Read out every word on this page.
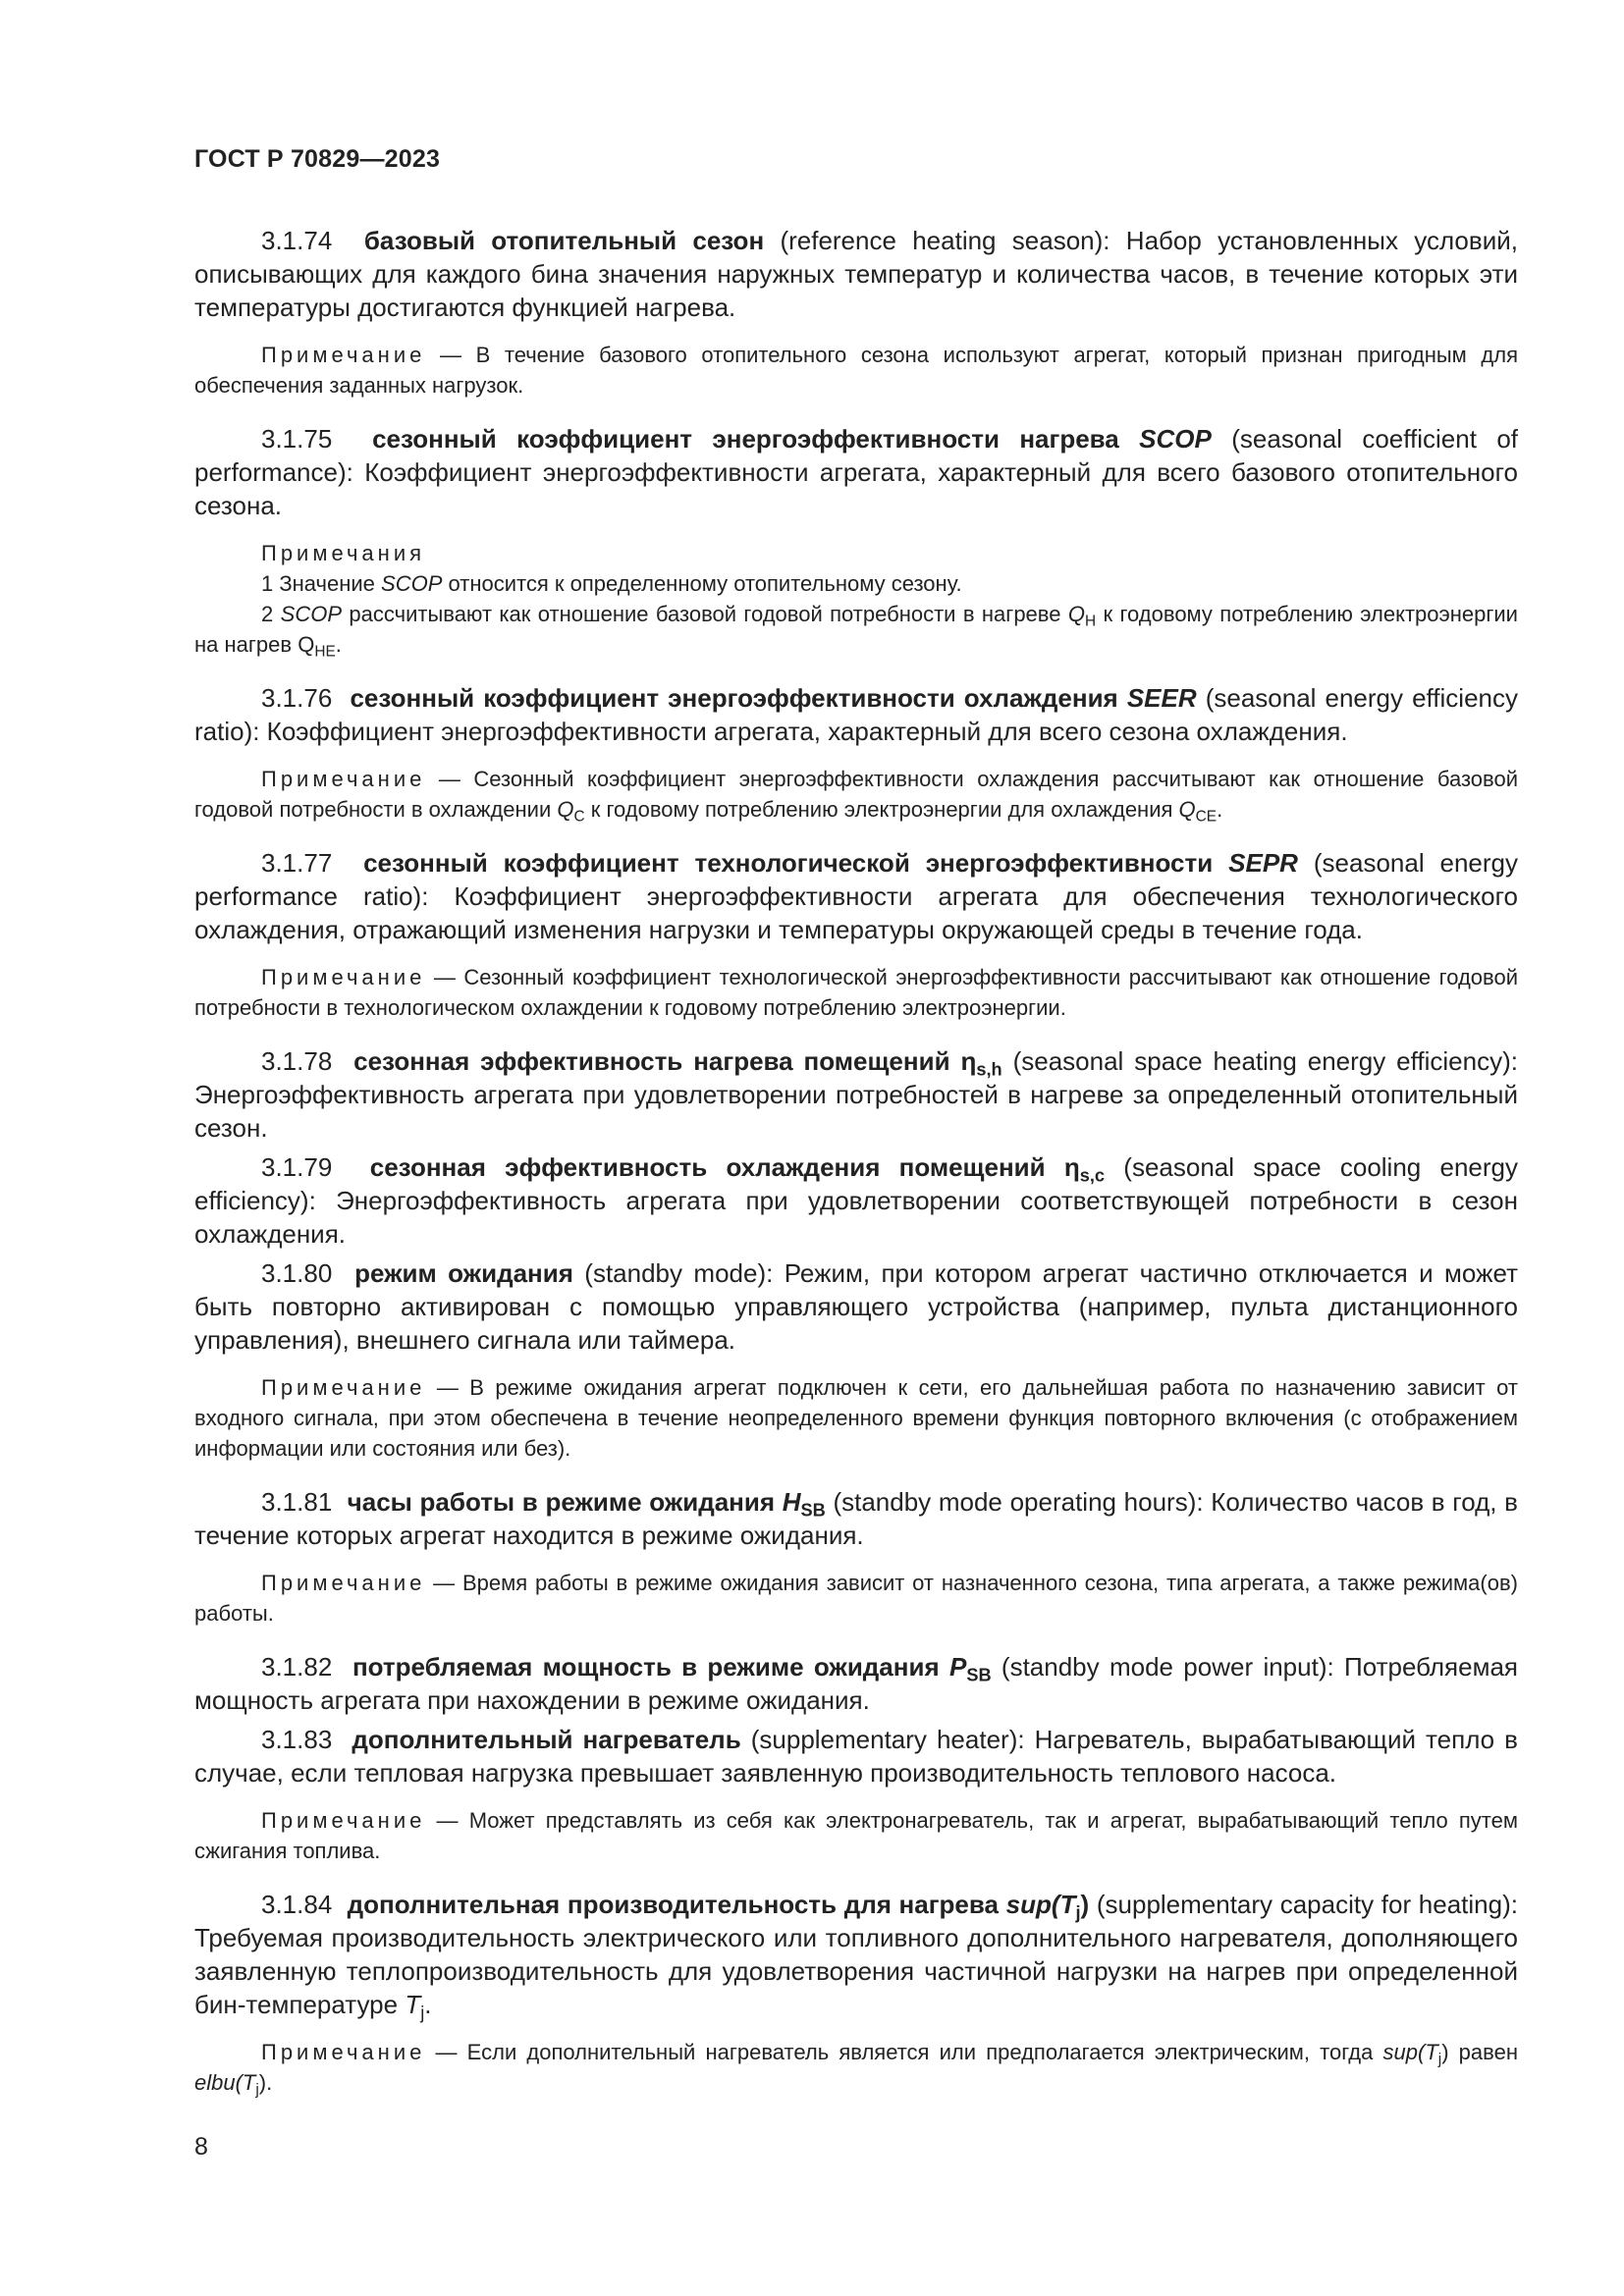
ГОСТ Р 70829—2023

3.1.74 базовый отопительный сезон (reference heating season): Набор установленных условий, описывающих для каждого бина значения наружных температур и количества часов, в течение которых эти температуры достигаются функцией нагрева.

Примечание — В течение базового отопительного сезона используют агрегат, который признан пригодным для обеспечения заданных нагрузок.

3.1.75 сезонный коэффициент энергоэффективности нагрева SCOP (seasonal coefficient of performance): Коэффициент энергоэффективности агрегата, характерный для всего базового отопительного сезона.

Примечания
1 Значение SCOP относится к определенному отопительному сезону.
2 SCOP рассчитывают как отношение базовой годовой потребности в нагреве $Q_H$ к годовому потреблению электроэнергии на нагрев $Q_{HE}$.

3.1.76 сезонный коэффициент энергоэффективности охлаждения SEER (seasonal energy efficiency ratio): Коэффициент энергоэффективности агрегата, характерный для всего сезона охлаждения.

Примечание — Сезонный коэффициент энергоэффективности охлаждения рассчитывают как отношение базовой годовой потребности в охлаждении $Q_C$ к годовому потреблению электроэнергии для охлаждения $Q_{CE}$.

3.1.77 сезонный коэффициент технологической энергоэффективности SEPR (seasonal energy performance ratio): Коэффициент энергоэффективности агрегата для обеспечения технологического охлаждения, отражающий изменения нагрузки и температуры окружающей среды в течение года.

Примечание — Сезонный коэффициент технологической энергоэффективности рассчитывают как отношение годовой потребности в технологическом охлаждении к годовому потреблению электроэнергии.

3.1.78 сезонная эффективность нагрева помещений $\eta_{s,h}$ (seasonal space heating energy efficiency): Энергоэффективность агрегата при удовлетворении потребностей в нагреве за определенный отопительный сезон.

3.1.79 сезонная эффективность охлаждения помещений $\eta_{s,c}$ (seasonal space cooling energy efficiency): Энергоэффективность агрегата при удовлетворении соответствующей потребности в сезон охлаждения.

3.1.80 режим ожидания (standby mode): Режим, при котором агрегат частично отключается и может быть повторно активирован с помощью управляющего устройства (например, пульта дистанционного управления), внешнего сигнала или таймера.

Примечание — В режиме ожидания агрегат подключен к сети, его дальнейшая работа по назначению зависит от входного сигнала, при этом обеспечена в течение неопределенного времени функция повторного включения (с отображением информации или состояния или без).

3.1.81 часы работы в режиме ожидания $H_{SB}$ (standby mode operating hours): Количество часов в год, в течение которых агрегат находится в режиме ожидания.

Примечание — Время работы в режиме ожидания зависит от назначенного сезона, типа агрегата, а также режима(ов) работы.

3.1.82 потребляемая мощность в режиме ожидания $P_{SB}$ (standby mode power input): Потребляемая мощность агрегата при нахождении в режиме ожидания.

3.1.83 дополнительный нагреватель (supplementary heater): Нагреватель, вырабатывающий тепло в случае, если тепловая нагрузка превышает заявленную производительность теплового насоса.

Примечание — Может представлять из себя как электронагреватель, так и агрегат, вырабатывающий тепло путем сжигания топлива.

3.1.84 дополнительная производительность для нагрева $sup(T_j)$ (supplementary capacity for heating): Требуемая производительность электрического или топливного дополнительного нагревателя, дополняющего заявленную теплопроизводительность для удовлетворения частичной нагрузки на нагрев при определенной бин-температуре $T_j$.

Примечание — Если дополнительный нагреватель является или предполагается электрическим, тогда $sup(T_j)$ равен $elbu(T_j)$.

8
